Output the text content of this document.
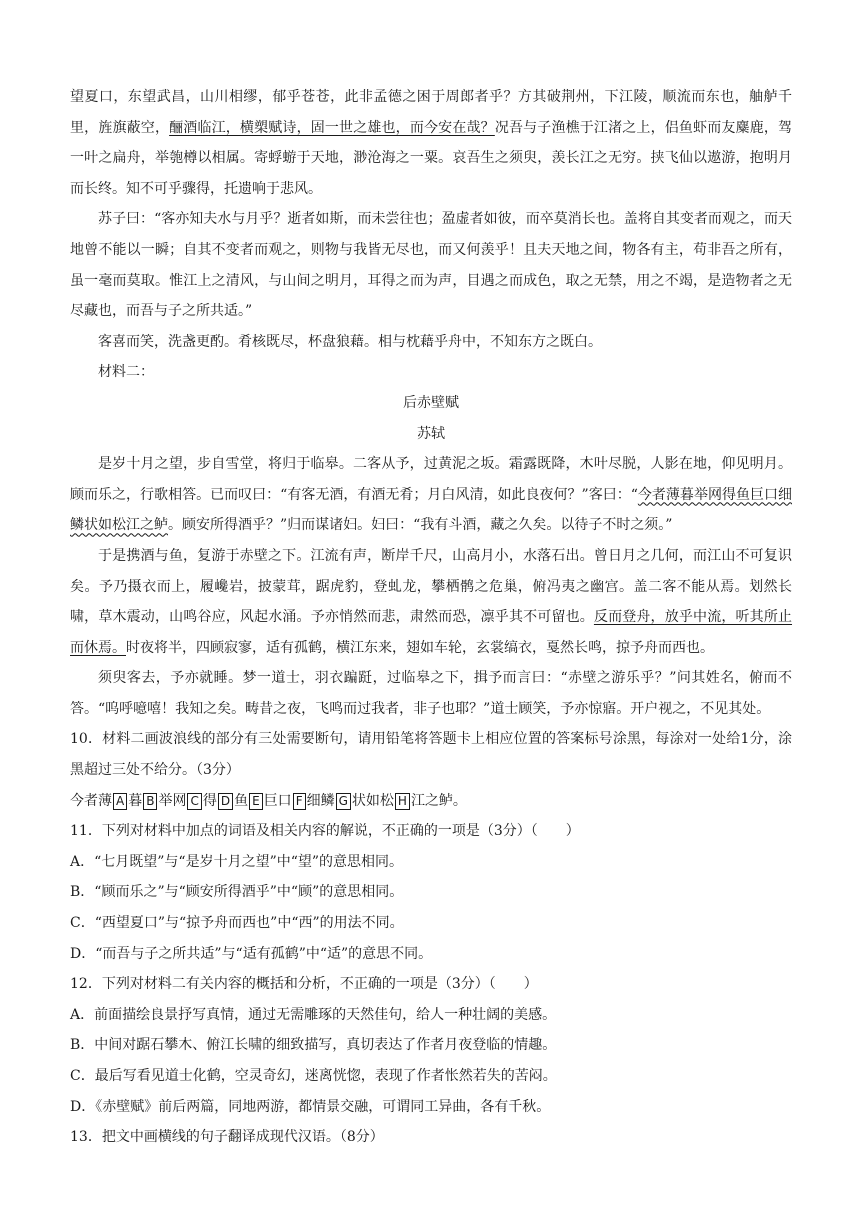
望夏口，东望武昌，山川相缪，郁乎苍苍，此非孟德之困于周郎者乎？方其破荆州，下江陵，顺流而东也，舳舻千里，旌旗蔽空，酾酒临江，横槊赋诗，固一世之雄也，而今安在哉？况吾与子渔樵于江渚之上，侣鱼虾而友麋鹿，驾一叶之扁舟，举匏樽以相属。寄蜉蝣于天地，渺沧海之一粟。哀吾生之须臾，羡长江之无穷。挟飞仙以遨游，抱明月而长终。知不可乎骤得，托遗响于悲风。

苏子曰：“客亦知夫水与月乎？逝者如斯，而未尝往也；盈虚者如彼，而卒莫消长也。盖将自其变者而观之，而天地曾不能以一瞬；自其不变者而观之，则物与我皆无尽也，而又何羡乎！且夫天地之间，物各有主，苟非吾之所有，虽一毫而莫取。惟江上之清风，与山间之明月，耳得之而为声，目遇之而成色，取之无禁，用之不竭，是造物者之无尽藏也，而吾与子之所共适。”

客喜而笑，洗盏更酌。肴核既尽，杯盘狼藉。相与枕藉乎舟中，不知东方之既白。

材料二：

后赤壁赋

苏轼

是岁十月之望，步自雪堂，将归于临皋。二客从予，过黄泥之坂。霜露既降，木叶尽脱，人影在地，仰见明月。顾而乐之，行歌相答。已而叹曰：“有客无酒，有酒无肴；月白风清，如此良夜何？”客曰：“今者薄暮举网得鱼巨口细鳞状如松江之鲈。顾安所得酒乎？”归而谋诸妇。妇曰：“我有斗酒，藏之久矣。以待子不时之须。”

于是携酒与鱼，复游于赤壁之下。江流有声，断岸千尺，山高月小，水落石出。曾日月之几何，而江山不可复识矣。予乃摄衣而上，履巉岩，披蒙茸，踞虎豹，登虬龙，攀栖鹘之危巢，俯冯夷之幽宫。盖二客不能从焉。划然长啸，草木震动，山鸣谷应，风起水涌。予亦悄然而悲，肃然而恐，凛乎其不可留也。反而登舟，放乎中流，听其所止而休焉。时夜将半，四顾寂寥，适有孤鹤，横江东来，翅如车轮，玄裳缟衣，戛然长鸣，掠予舟而西也。

须臾客去，予亦就睡。梦一道士，羽衣蹁跹，过临皋之下，揖予而言曰：“赤壁之游乐乎？”问其姓名，俯而不答。“呜呼噫嘻！我知之矣。畴昔之夜，飞鸣而过我者，非子也耶？”道士顾笑，予亦惊寤。开户视之，不见其处。

10．材料二画波浪线的部分有三处需要断句，请用铅笔将答题卡上相应位置的答案标号涂黑，每涂对一处给1分，涂黑超过三处不给分。（3分）

今者薄 A 暮 B 举网 C 得 D 鱼 E 巨口 F 细鳞 G 状如松 H 江之鲈。

11．下列对材料中加点的词语及相关内容的解说，不正确的一项是（3分）（　　）

A．“七月既望”与“是岁十月之望”中“望”的意思相同。

B．“顾而乐之”与“顾安所得酒乎”中“顾”的意思相同。

C．“西望夏口”与“掠予舟而西也”中“西”的用法不同。

D．“而吾与子之所共适”与“适有孤鹤”中“适”的意思不同。

12．下列对材料二有关内容的概括和分析，不正确的一项是（3分）（　　）

A．前面描绘良景抒写真情，通过无需雕琢的天然佳句，给人一种壮阔的美感。

B．中间对踞石攀木、俯江长啸的细致描写，真切表达了作者月夜登临的情趣。

C．最后写看见道士化鹤，空灵奇幻，迷离恍惚，表现了作者怅然若失的苦闷。

D．《赤壁赋》前后两篇，同地两游，都情景交融，可谓同工异曲，各有千秋。

13．把文中画横线的句子翻译成现代汉语。（8分）
